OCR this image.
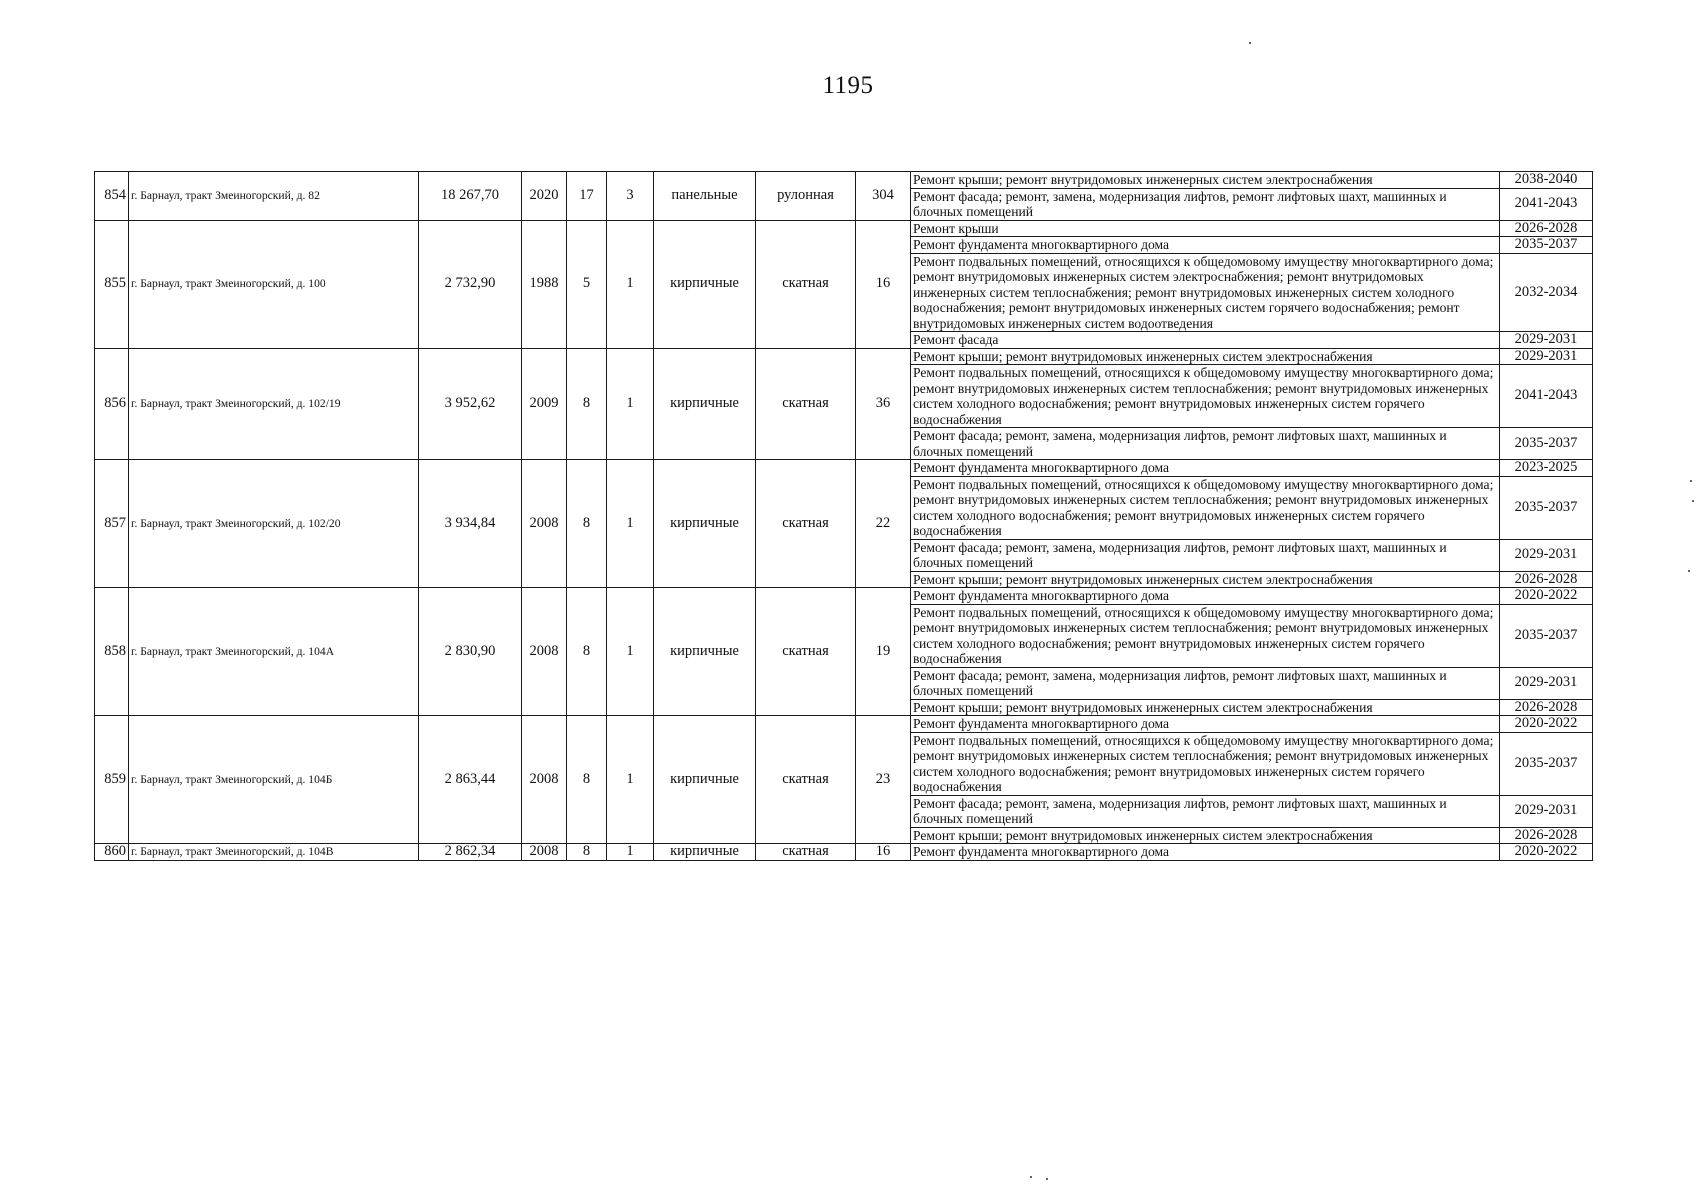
1195
854	г. Барнаул, тракт Змеиногорский, д. 82	18 267,70	2020	17	3	панельные	рулонная	304	Ремонт крыши; ремонт внутридомовых инженерных систем электроснабжения	2038-2040
									Ремонт фасада; ремонт, замена, модернизация лифтов, ремонт лифтовых шахт, машинных и блочных помещений	2041-2043
855	г. Барнаул, тракт Змеиногорский, д. 100	2 732,90	1988	5	1	кирпичные	скатная	16	Ремонт крыши	2026-2028
									Ремонт фундамента многоквартирного дома	2035-2037
									Ремонт подвальных помещений, относящихся к общедомовому имуществу многоквартирного дома; ремонт внутридомовых инженерных систем электроснабжения; ремонт внутридомовых инженерных систем теплоснабжения; ремонт внутридомовых инженерных систем холодного водоснабжения; ремонт внутридомовых инженерных систем горячего водоснабжения; ремонт внутридомовых инженерных систем водоотведения	2032-2034
									Ремонт фасада	2029-2031
856	г. Барнаул, тракт Змеиногорский, д. 102/19	3 952,62	2009	8	1	кирпичные	скатная	36	Ремонт крыши; ремонт внутридомовых инженерных систем электроснабжения	2029-2031
									Ремонт подвальных помещений, относящихся к общедомовому имуществу многоквартирного дома; ремонт внутридомовых инженерных систем теплоснабжения; ремонт внутридомовых инженерных систем холодного водоснабжения; ремонт внутридомовых инженерных систем горячего водоснабжения	2041-2043
									Ремонт фасада; ремонт, замена, модернизация лифтов, ремонт лифтовых шахт, машинных и блочных помещений	2035-2037
857	г. Барнаул, тракт Змеиногорский, д. 102/20	3 934,84	2008	8	1	кирпичные	скатная	22	Ремонт фундамента многоквартирного дома	2023-2025
									Ремонт подвальных помещений, относящихся к общедомовому имуществу многоквартирного дома; ремонт внутридомовых инженерных систем теплоснабжения; ремонт внутридомовых инженерных систем холодного водоснабжения; ремонт внутридомовых инженерных систем горячего водоснабжения	2035-2037
									Ремонт фасада; ремонт, замена, модернизация лифтов, ремонт лифтовых шахт, машинных и блочных помещений	2029-2031
									Ремонт крыши; ремонт внутридомовых инженерных систем электроснабжения	2026-2028
858	г. Барнаул, тракт Змеиногорский, д. 104А	2 830,90	2008	8	1	кирпичные	скатная	19	Ремонт фундамента многоквартирного дома	2020-2022
									Ремонт подвальных помещений, относящихся к общедомовому имуществу многоквартирного дома; ремонт внутридомовых инженерных систем теплоснабжения; ремонт внутридомовых инженерных систем холодного водоснабжения; ремонт внутридомовых инженерных систем горячего водоснабжения	2035-2037
									Ремонт фасада; ремонт, замена, модернизация лифтов, ремонт лифтовых шахт, машинных и блочных помещений	2029-2031
									Ремонт крыши; ремонт внутридомовых инженерных систем электроснабжения	2026-2028
859	г. Барнаул, тракт Змеиногорский, д. 104Б	2 863,44	2008	8	1	кирпичные	скатная	23	Ремонт фундамента многоквартирного дома	2020-2022
									Ремонт подвальных помещений, относящихся к общедомовому имуществу многоквартирного дома; ремонт внутридомовых инженерных систем теплоснабжения; ремонт внутридомовых инженерных систем холодного водоснабжения; ремонт внутридомовых инженерных систем горячего водоснабжения	2035-2037
									Ремонт фасада; ремонт, замена, модернизация лифтов, ремонт лифтовых шахт, машинных и блочных помещений	2029-2031
									Ремонт крыши; ремонт внутридомовых инженерных систем электроснабжения	2026-2028
860	г. Барнаул, тракт Змеиногорский, д. 104В	2 862,34	2008	8	1	кирпичные	скатная	16	Ремонт фундамента многоквартирного дома	2020-2022
